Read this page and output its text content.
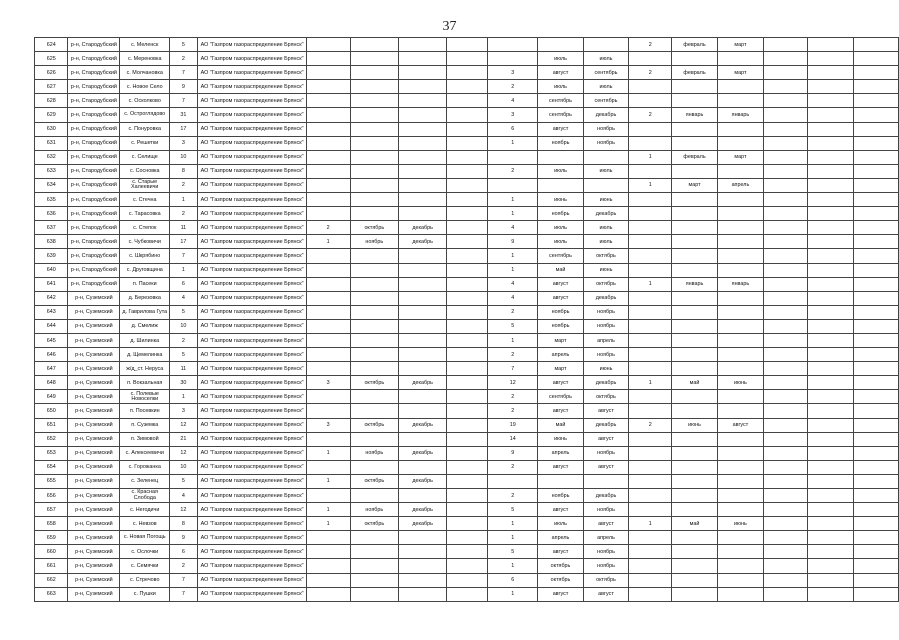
37
624	р-н, Стародубский	с. Меленск	5	АО "Газпром газораспределение Брянск"								2	февраль	март			
625	р-н, Стародубский	с. Мереновка	2	АО "Газпром газораспределение Брянск"						июль	июль						
626	р-н, Стародубский	с. Молчановка	7	АО "Газпром газораспределение Брянск"					3	август	сентябрь	2	февраль	март			
627	р-н, Стародубский	с. Новое Село	9	АО "Газпром газораспределение Брянск"					2	июль	июль						
628	р-н, Стародубский	с. Осколково	7	АО "Газпром газораспределение Брянск"					4	сентябрь	сентябрь						
629	р-н, Стародубский	с. Остроглядово	31	АО "Газпром газораспределение Брянск"					3	сентябрь	декабрь	2	январь	январь			
630	р-н, Стародубский	с. Понуровка	17	АО "Газпром газораспределение Брянск"					6	август	ноябрь						
631	р-н, Стародубский	с. Решетки	3	АО "Газпром газораспределение Брянск"					1	ноябрь	ноябрь						
632	р-н, Стародубский	с. Селище	10	АО "Газпром газораспределение Брянск"								1	февраль	март			
633	р-н, Стародубский	с. Сосновка	8	АО "Газпром газораспределение Брянск"					2	июль	июль						
634	р-н, Стародубский	с. Старые Халеевичи	2	АО "Газпром газораспределение Брянск"								1	март	апрель			
635	р-н, Стародубский	с. Стечна	1	АО "Газпром газораспределение Брянск"					1	июнь	июнь						
636	р-н, Стародубский	с. Тарасовка	2	АО "Газпром газораспределение Брянск"					1	ноябрь	декабрь						
637	р-н, Стародубский	с. Степок	11	АО "Газпром газораспределение Брянск"	2	октябрь	декабрь		4	июль	июль						
638	р-н, Стародубский	с. Чубковичи	17	АО "Газпром газораспределение Брянск"	1	ноябрь	декабрь		9	июль	июль						
639	р-н, Стародубский	с. Шкрябино	7	АО "Газпром газораспределение Брянск"					1	сентябрь	октябрь						
640	р-н, Стародубский	с. Друговщина	1	АО "Газпром газораспределение Брянск"					1	май	июнь						
641	р-н, Стародубский	п. Пасеки	6	АО "Газпром газораспределение Брянск"					4	август	октябрь	1	январь	январь			
642	р-н, Суземский	д. Березовка	4	АО "Газпром газораспределение Брянск"					4	август	декабрь						
643	р-н, Суземский	д. Гавриловa Гута	5	АО "Газпром газораспределение Брянск"					2	ноябрь	ноябрь						
644	р-н, Суземский	д. Смелиж	10	АО "Газпром газораспределение Брянск"					5	ноябрь	ноябрь						
645	р-н, Суземский	д. Шилинка	2	АО "Газпром газораспределение Брянск"					1	март	апрель						
646	р-н, Суземский	д. Щемелинка	5	АО "Газпром газораспределение Брянск"					2	апрель	ноябрь						
647	р-н, Суземский	ж/д_ст. Неруса	11	АО "Газпром газораспределение Брянск"					7	март	июнь						
648	р-н, Суземский	п. Вокзальная	30	АО "Газпром газораспределение Брянск"	3	октябрь	декабрь		12	август	декабрь	1	май	июнь			
649	р-н, Суземский	с. Полевые Новоселки	1	АО "Газпром газораспределение Брянск"					2	сентябрь	октябрь						
650	р-н, Суземский	п. Посевкин	3	АО "Газпром газораспределение Брянск"					2	август	август						
651	р-н, Суземский	п. Суземка	12	АО "Газпром газораспределение Брянск"	3	октябрь	декабрь		19	май	декабрь	2	июнь	август			
652	р-н, Суземский	п. Зимовой	21	АО "Газпром газораспределение Брянск"					14	июнь	август						
653	р-н, Суземский	с. Алексеевичи	12	АО "Газпром газораспределение Брянск"	1	ноябрь	декабрь		9	апрель	ноябрь						
654	р-н, Суземский	с. Горожанка	10	АО "Газпром газораспределение Брянск"					2	август	август						
655	р-н, Суземский	с. Зеленец	5	АО "Газпром газораспределение Брянск"	1	октябрь	декабрь										
656	р-н, Суземский	с. Красная Слобода	4	АО "Газпром газораспределение Брянск"					2	ноябрь	декабрь						
657	р-н, Суземский	с. Негодичи	12	АО "Газпром газораспределение Брянск"	1	ноябрь	декабрь		5	август	ноябрь						
658	р-н, Суземский	с. Невзов	8	АО "Газпром газораспределение Брянск"	1	октябрь	декабрь		1	июль	август	1	май	июнь			
659	р-н, Суземский	с. Новая Погощь	9	АО "Газпром газораспределение Брянск"					1	апрель	апрель						
660	р-н, Суземский	с. Ослочки	6	АО "Газпром газораспределение Брянск"					5	август	ноябрь						
661	р-н, Суземский	с. Семячки	2	АО "Газпром газораспределение Брянск"					1	октябрь	ноябрь						
662	р-н, Суземский	с. Стречово	7	АО "Газпром газораспределение Брянск"					6	октябрь	октябрь						
663	р-н, Суземский	с. Пушки	7	АО "Газпром газораспределение Брянск"					1	август	август						
